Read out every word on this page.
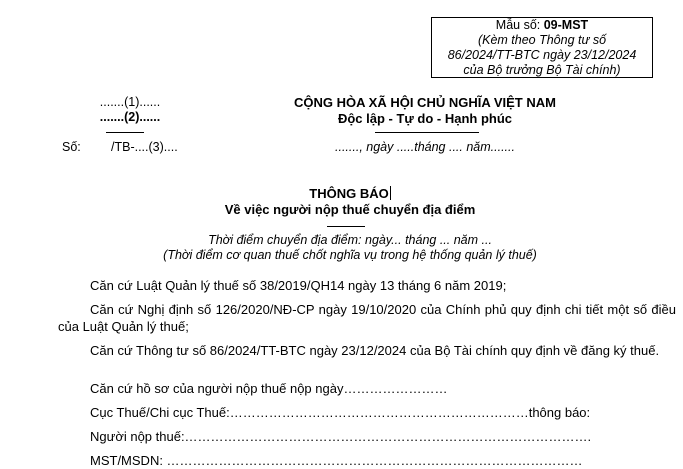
Mẫu số: 09-MST
(Kèm theo Thông tư số
86/2024/TT-BTC ngày 23/12/2024
của Bộ trưởng Bộ Tài chính)
.......(1)......
.......(2)......
Số: /TB-....(3)....
CỘNG HÒA XÃ HỘI CHỦ NGHĨA VIỆT NAM
Độc lập - Tự do - Hạnh phúc
......., ngày .....tháng .... năm.......
THÔNG BÁO
Về việc người nộp thuế chuyển địa điểm
Thời điểm chuyển địa điểm: ngày... tháng ... năm ...
(Thời điểm cơ quan thuế chốt nghĩa vụ trong hệ thống quản lý thuế)
Căn cứ Luật Quản lý thuế số 38/2019/QH14 ngày 13 tháng 6 năm 2019;
Căn cứ Nghị định số 126/2020/NĐ-CP ngày 19/10/2020 của Chính phủ quy định chi tiết một số điều của Luật Quản lý thuế;
Căn cứ Thông tư số 86/2024/TT-BTC ngày 23/12/2024 của Bộ Tài chính quy định về đăng ký thuế.
Căn cứ hồ sơ của người nộp thuế nộp ngày……………………
Cục Thuế/Chi cục Thuế:……………………………………………………………thông báo:
Người nộp thuế:………………………………………………………………………………….
MST/MSDN: ……………………………………………………………………………………
